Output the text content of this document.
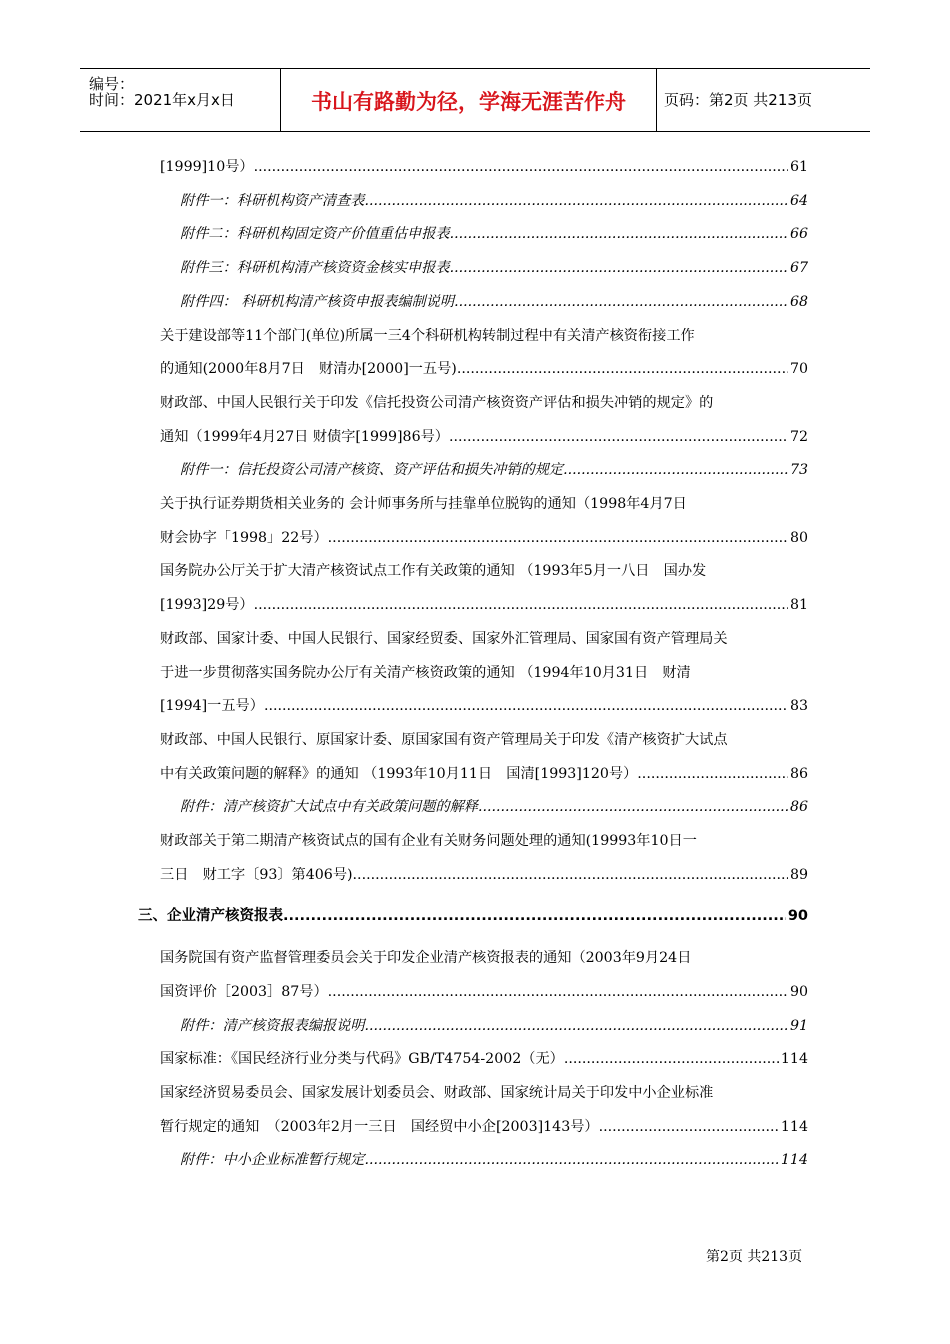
编号：
时间：2021年x月x日	书山有路勤为径，学海无涯苦作舟	页码：第2页 共213页
[1999]10号） .....	61
附件一：科研机构资产清查表 .....	64
附件二：科研机构固定资产价值重估申报表 .....	66
附件三：科研机构清产核资资金核实申报表 .....	67
附件四： 科研机构清产核资申报表编制说明 .....	68
关于建设部等11个部门(单位)所属一三4个科研机构转制过程中有关清产核资衔接工作
的通知(2000年8月7日　财清办[2000]一五号) .....	70
财政部、中国人民银行关于印发《信托投资公司清产核资资产评估和损失冲销的规定》的
通知（1999年4月27日 财债字[1999]86号） .....	72
附件一：信托投资公司清产核资、资产评估和损失冲销的规定 .....	73
关于执行证券期货相关业务的 会计师事务所与挂靠单位脱钩的通知（1998年4月7日
财会协字「1998」22号） .....	80
国务院办公厅关于扩大清产核资试点工作有关政策的通知 （1993年5月一八日　国办发
[1993]29号） .....	81
财政部、国家计委、中国人民银行、国家经贸委、国家外汇管理局、国家国有资产管理局关
于进一步贯彻落实国务院办公厅有关清产核资政策的通知 （1994年10月31日　财清
[1994]一五号） .....	83
财政部、中国人民银行、原国家计委、原国家国有资产管理局关于印发《清产核资扩大试点
中有关政策问题的解释》的通知 （1993年10月11日　国清[1993]120号） .....	86
附件：清产核资扩大试点中有关政策问题的解释 .....	86
财政部关于第二期清产核资试点的国有企业有关财务问题处理的通知(19993年10日一
三日　财工字〔93〕第406号) .....	89
三、企业清产核资报表 .....	90
国务院国有资产监督管理委员会关于印发企业清产核资报表的通知（2003年9月24日
国资评价［2003］87号） .....	90
附件：清产核资报表编报说明 .....	91
国家标准：《国民经济行业分类与代码》GB/T4754-2002（无） .....	114
国家经济贸易委员会、国家发展计划委员会、财政部、国家统计局关于印发中小企业标准
暂行规定的通知　（2003年2月一三日　国经贸中小企[2003]143号） .....	114
附件：中小企业标准暂行规定 .....	114
第2页 共213页
